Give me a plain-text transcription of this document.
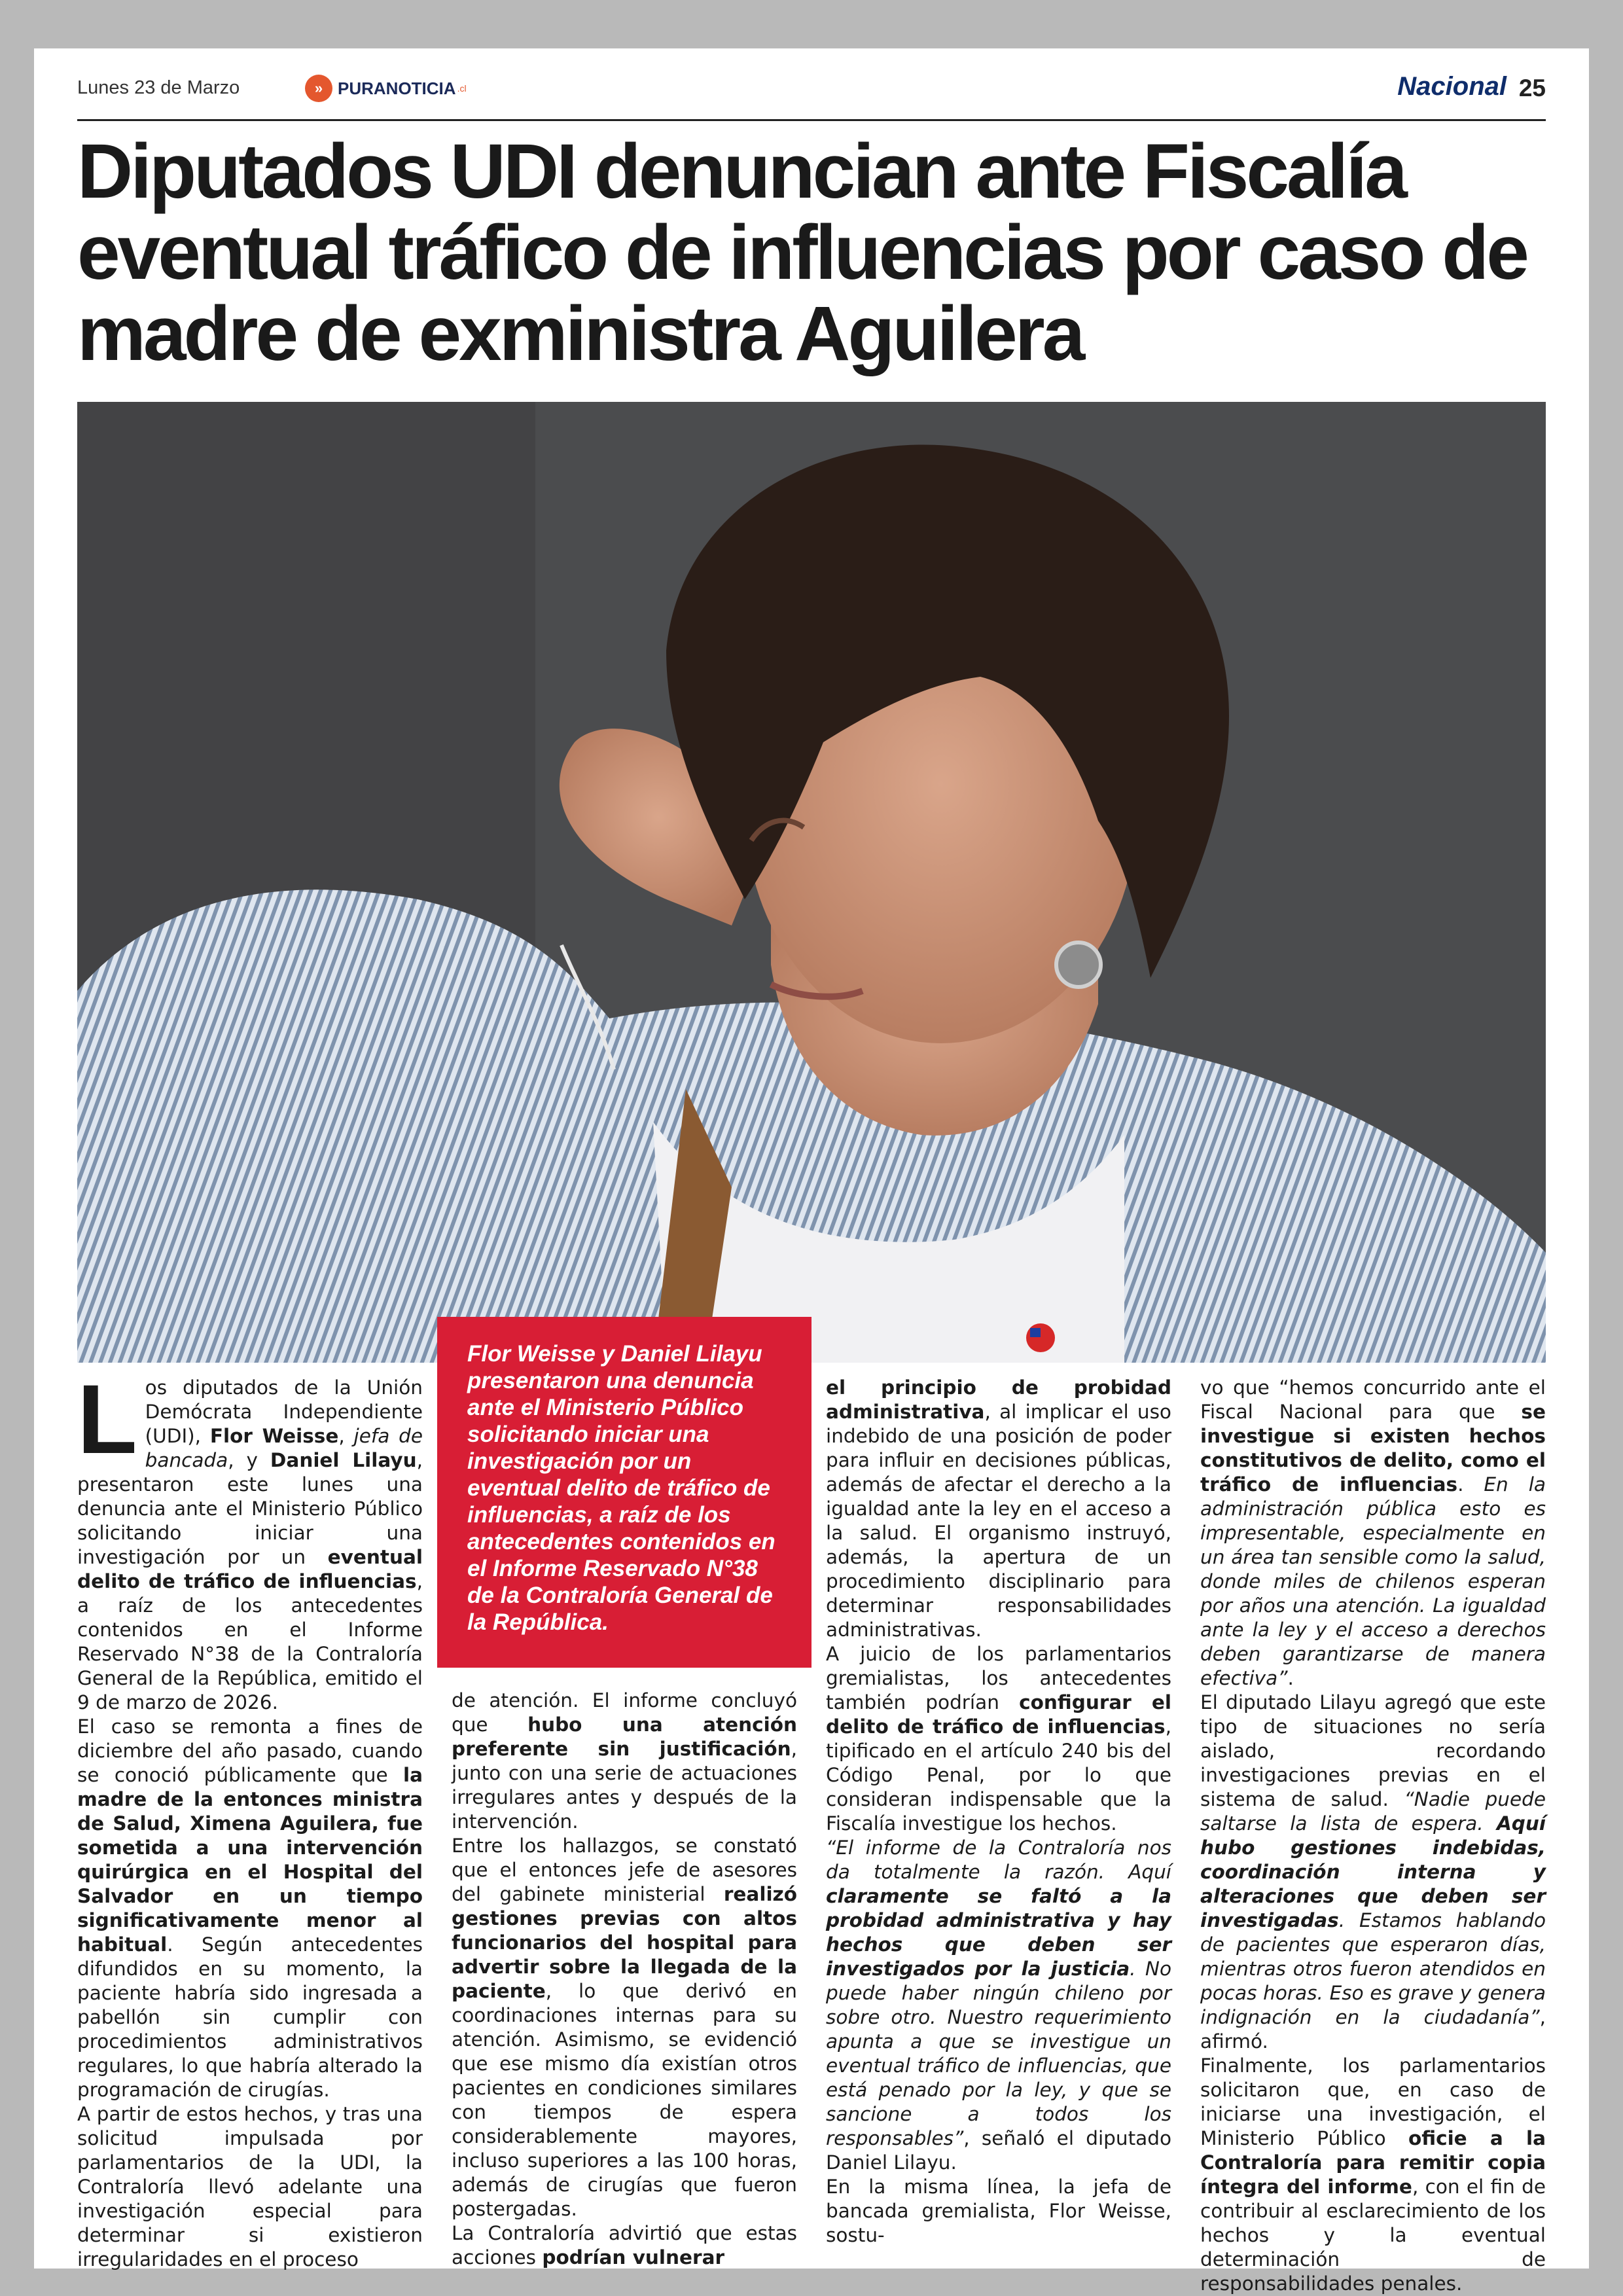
Lunes 23 de Marzo	» PURANOTICIA .cl	Nacional 25
Diputados UDI denuncian ante Fiscalía eventual tráfico de influencias por caso de madre de exministra Aguilera
Flor Weisse y Daniel Lilayu presentaron una denuncia ante el Ministerio Público solicitando iniciar una investigación por un eventual delito de tráfico de influencias, a raíz de los antecedentes contenidos en el Informe Reservado N°38 de la Contraloría General de la República.

Los diputados de la Unión Demócrata Independiente (UDI), Flor Weisse, jefa de bancada, y Daniel Lilayu, presentaron este lunes una denuncia ante el Ministerio Público solicitando iniciar una investigación por un eventual delito de tráfico de influencias, a raíz de los antecedentes contenidos en el Informe Reservado N°38 de la Contraloría General de la República, emitido el 9 de marzo de 2026.

El caso se remonta a fines de diciembre del año pasado, cuando se conoció públicamente que la madre de la entonces ministra de Salud, Ximena Aguilera, fue sometida a una intervención quirúrgica en el Hospital del Salvador en un tiempo significativamente menor al habitual. Según antecedentes difundidos en su momento, la paciente habría sido ingresada a pabellón sin cumplir con procedimientos administrativos regulares, lo que habría alterado la programación de cirugías.

A partir de estos hechos, y tras una solicitud impulsada por parlamentarios de la UDI, la Contraloría llevó adelante una investigación especial para determinar si existieron irregularidades en el proceso

de atención. El informe concluyó que hubo una atención preferente sin justificación, junto con una serie de actuaciones irregulares antes y después de la intervención.

Entre los hallazgos, se constató que el entonces jefe de asesores del gabinete ministerial realizó gestiones previas con altos funcionarios del hospital para advertir sobre la llegada de la paciente, lo que derivó en coordinaciones internas para su atención. Asimismo, se evidenció que ese mismo día existían otros pacientes en condiciones similares con tiempos de espera considerablemente mayores, incluso superiores a las 100 horas, además de cirugías que fueron postergadas.

La Contraloría advirtió que estas acciones podrían vulnerar

el principio de probidad administrativa, al implicar el uso indebido de una posición de poder para influir en decisiones públicas, además de afectar el derecho a la igualdad ante la ley en el acceso a la salud. El organismo instruyó, además, la apertura de un procedimiento disciplinario para determinar responsabilidades administrativas.

A juicio de los parlamentarios gremialistas, los antecedentes también podrían configurar el delito de tráfico de influencias, tipificado en el artículo 240 bis del Código Penal, por lo que consideran indispensable que la Fiscalía investigue los hechos.

“El informe de la Contraloría nos da totalmente la razón. Aquí claramente se faltó a la probidad administrativa y hay hechos que deben ser investigados por la justicia. No puede haber ningún chileno por sobre otro. Nuestro requerimiento apunta a que se investigue un eventual tráfico de influencias, que está penado por la ley, y que se sancione a todos los responsables”, señaló el diputado Daniel Lilayu.

En la misma línea, la jefa de bancada gremialista, Flor Weisse, sostu-

vo que “hemos concurrido ante el Fiscal Nacional para que se investigue si existen hechos constitutivos de delito, como el tráfico de influencias. En la administración pública esto es impresentable, especialmente en un área tan sensible como la salud, donde miles de chilenos esperan por años una atención. La igualdad ante la ley y el acceso a derechos deben garantizarse de manera efectiva”.

El diputado Lilayu agregó que este tipo de situaciones no sería aislado, recordando investigaciones previas en el sistema de salud. “Nadie puede saltarse la lista de espera. Aquí hubo gestiones indebidas, coordinación interna y alteraciones que deben ser investigadas. Estamos hablando de pacientes que esperaron días, mientras otros fueron atendidos en pocas horas. Eso es grave y genera indignación en la ciudadanía”, afirmó.

Finalmente, los parlamentarios solicitaron que, en caso de iniciarse una investigación, el Ministerio Público oficie a la Contraloría para remitir copia íntegra del informe, con el fin de contribuir al esclarecimiento de los hechos y la eventual determinación de responsabilidades penales.
